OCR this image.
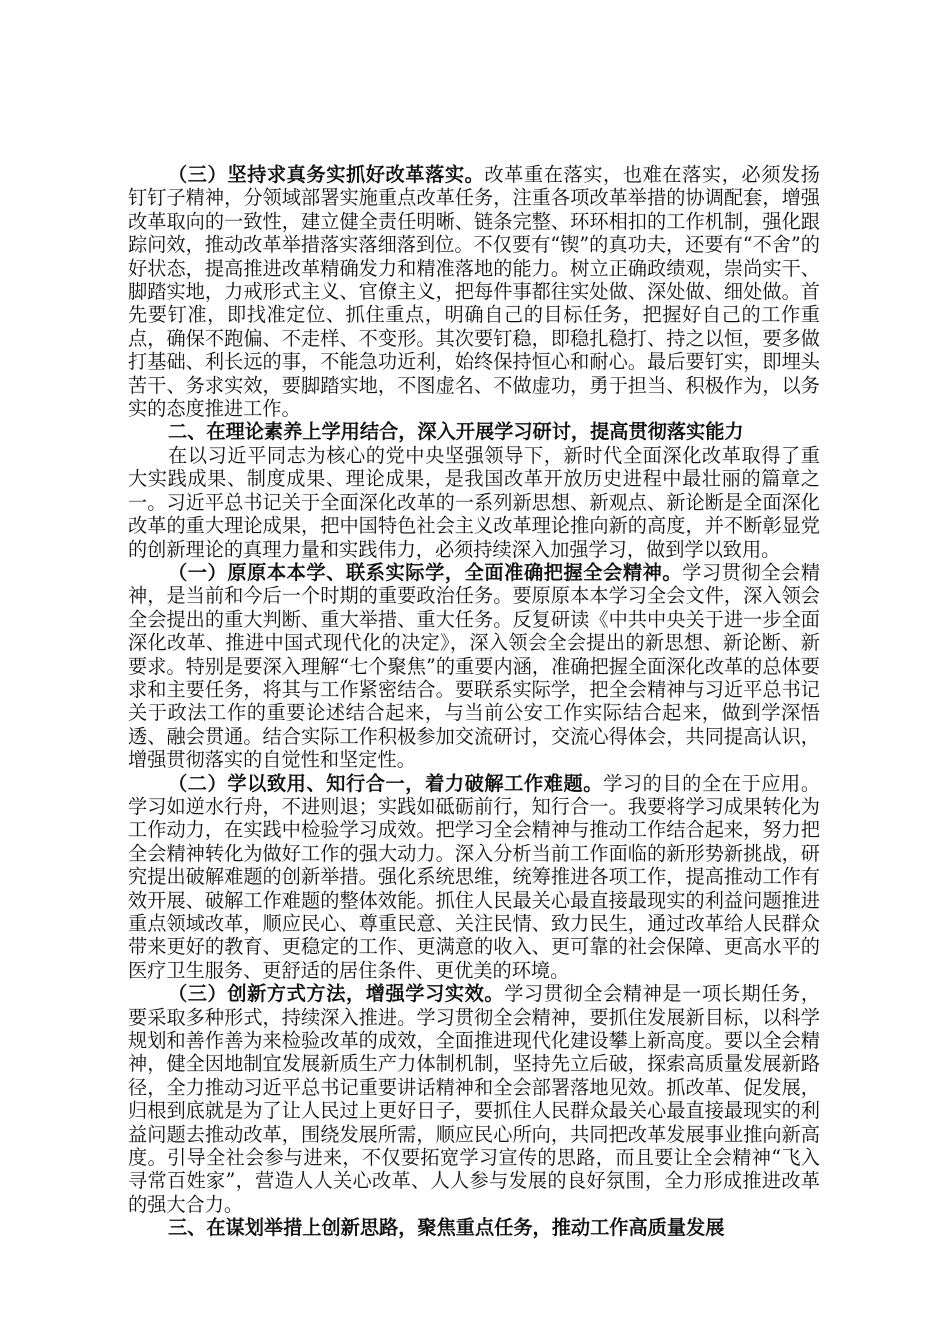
（三）坚持求真务实抓好改革落实。改革重在落实，也难在落实，必须发扬钉钉子精神，分领域部署实施重点改革任务，注重各项改革举措的协调配套，增强改革取向的一致性，建立健全责任明晰、链条完整、环环相扣的工作机制，强化跟踪问效，推动改革举措落实落细落到位。不仅要有“锲”的真功夫，还要有“不舍”的好状态，提高推进改革精确发力和精准落地的能力。树立正确政绩观，崇尚实干、脚踏实地，力戒形式主义、官僚主义，把每件事都往实处做、深处做、细处做。首先要钉准，即找准定位、抓住重点，明确自己的目标任务，把握好自己的工作重点，确保不跑偏、不走样、不变形。其次要钉稳，即稳扎稳打、持之以恒，要多做打基础、利长远的事，不能急功近利，始终保持恒心和耐心。最后要钉实，即埋头苦干、务求实效，要脚踏实地，不图虚名、不做虚功，勇于担当、积极作为，以务实的态度推进工作。

二、在理论素养上学用结合，深入开展学习研讨，提高贯彻落实能力

在以习近平同志为核心的党中央坚强领导下，新时代全面深化改革取得了重大实践成果、制度成果、理论成果，是我国改革开放历史进程中最壮丽的篇章之一。习近平总书记关于全面深化改革的一系列新思想、新观点、新论断是全面深化改革的重大理论成果，把中国特色社会主义改革理论推向新的高度，并不断彰显党的创新理论的真理力量和实践伟力，必须持续深入加强学习，做到学以致用。

（一）原原本本学、联系实际学，全面准确把握全会精神。学习贯彻全会精神，是当前和今后一个时期的重要政治任务。要原原本本学习全会文件，深入领会全会提出的重大判断、重大举措、重大任务。反复研读《中共中央关于进一步全面深化改革、推进中国式现代化的决定》，深入领会全会提出的新思想、新论断、新要求。特别是要深入理解“七个聚焦”的重要内涵，准确把握全面深化改革的总体要求和主要任务，将其与工作紧密结合。要联系实际学，把全会精神与习近平总书记关于政法工作的重要论述结合起来，与当前公安工作实际结合起来，做到学深悟透、融会贯通。结合实际工作积极参加交流研讨，交流心得体会，共同提高认识，增强贯彻落实的自觉性和坚定性。

（二）学以致用、知行合一，着力破解工作难题。学习的目的全在于应用。学习如逆水行舟，不进则退；实践如砥砺前行，知行合一。我要将学习成果转化为工作动力，在实践中检验学习成效。把学习全会精神与推动工作结合起来，努力把全会精神转化为做好工作的强大动力。深入分析当前工作面临的新形势新挑战，研究提出破解难题的创新举措。强化系统思维，统筹推进各项工作，提高推动工作有效开展、破解工作难题的整体效能。抓住人民最关心最直接最现实的利益问题推进重点领域改革，顺应民心、尊重民意、关注民情、致力民生，通过改革给人民群众带来更好的教育、更稳定的工作、更满意的收入、更可靠的社会保障、更高水平的医疗卫生服务、更舒适的居住条件、更优美的环境。

（三）创新方式方法，增强学习实效。学习贯彻全会精神是一项长期任务，要采取多种形式，持续深入推进。学习贯彻全会精神，要抓住发展新目标，以科学规划和善作善为来检验改革的成效，全面推进现代化建设攀上新高度。要以全会精神，健全因地制宜发展新质生产力体制机制，坚持先立后破，探索高质量发展新路径，全力推动习近平总书记重要讲话精神和全会部署落地见效。抓改革、促发展，归根到底就是为了让人民过上更好日子，要抓住人民群众最关心最直接最现实的利益问题去推动改革，围绕发展所需，顺应民心所向，共同把改革发展事业推向新高度。引导全社会参与进来，不仅要拓宽学习宣传的思路，而且要让全会精神“飞入寻常百姓家”，营造人人关心改革、人人参与发展的良好氛围，全力形成推进改革的强大合力。

三、在谋划举措上创新思路，聚焦重点任务，推动工作高质量发展
